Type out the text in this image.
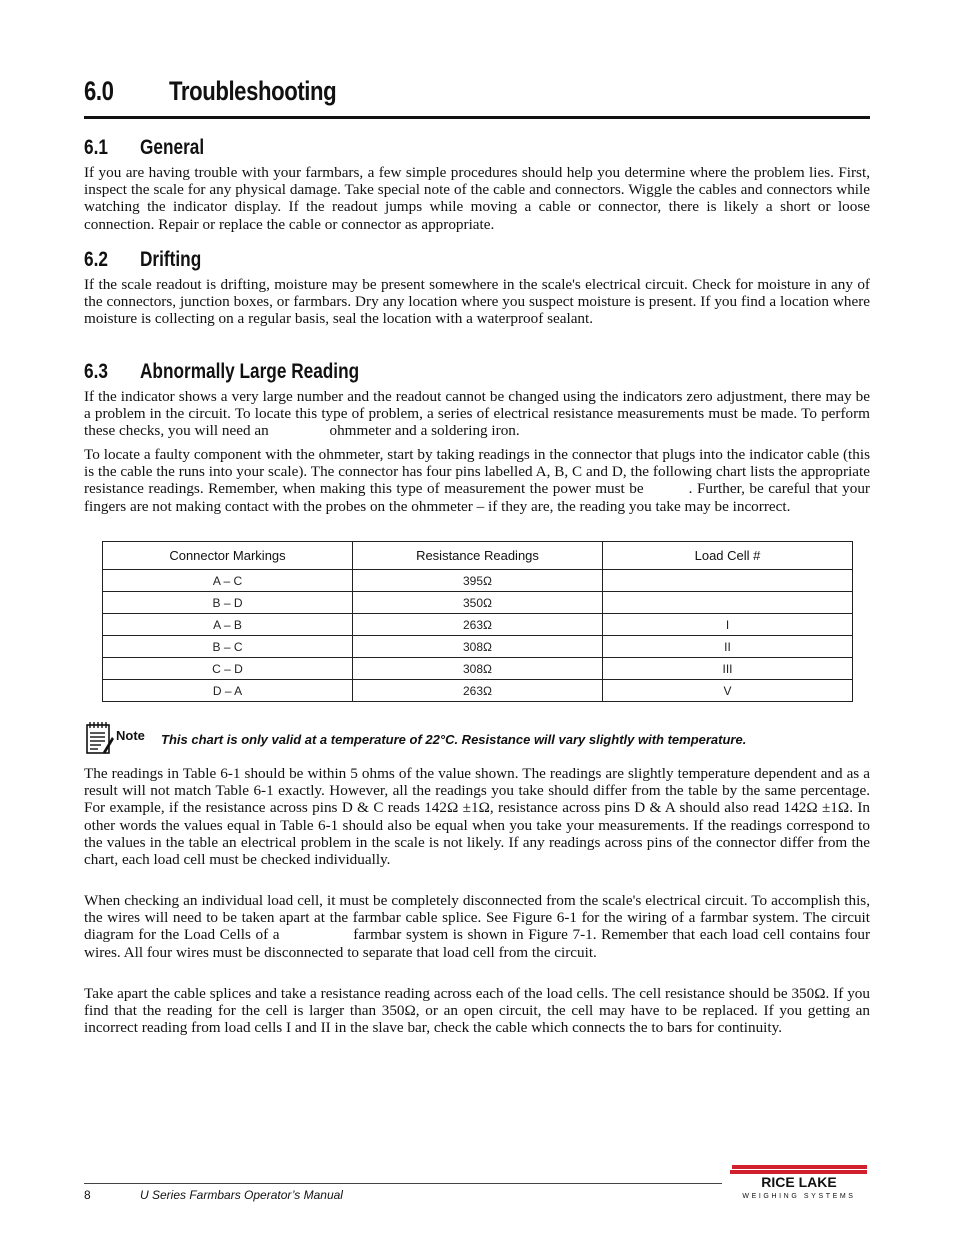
6.0 Troubleshooting
6.1 General

If you are having trouble with your farmbars, a few simple procedures should help you determine where the problem lies. First, inspect the scale for any physical damage. Take special note of the cable and connectors. Wiggle the cables and connectors while watching the indicator display. If the readout jumps while moving a cable or connector, there is likely a short or loose connection. Repair or replace the cable or connector as appropriate.

6.2 Drifting

If the scale readout is drifting, moisture may be present somewhere in the scale's electrical circuit. Check for moisture in any of the connectors, junction boxes, or farmbars. Dry any location where you suspect moisture is present. If you find a location where moisture is collecting on a regular basis, seal the location with a waterproof sealant.

6.3 Abnormally Large Reading

If the indicator shows a very large number and the readout cannot be changed using the indicators zero adjustment, there may be a problem in the circuit. To locate this type of problem, a series of electrical resistance measurements must be made. To perform these checks, you will need an                ohmmeter and a soldering iron.

To locate a faulty component with the ohmmeter, start by taking readings in the connector that plugs into the indicator cable (this is the cable the runs into your scale). The connector has four pins labelled A, B, C and D, the following chart lists the appropriate resistance readings. Remember, when making this type of measurement the power must be          . Further, be careful that your fingers are not making contact with the probes on the ohmmeter – if they are, the reading you take may be incorrect.

Connector Markings	Resistance Readings	Load Cell #
A – C	395Ω	
B – D	350Ω	
A – B	263Ω	I
B – C	308Ω	II
C – D	308Ω	III
D – A	263Ω	V
Note This chart is only valid at a temperature of 22°C. Resistance will vary slightly with temperature.

The readings in Table 6-1 should be within 5 ohms of the value shown. The readings are slightly temperature dependent and as a result will not match Table 6-1 exactly. However, all the readings you take should differ from the table by the same percentage. For example, if the resistance across pins D & C reads 142Ω ±1Ω, resistance across pins D & A should also read 142Ω ±1Ω. In other words the values equal in Table 6-1 should also be equal when you take your measurements. If the readings correspond to the values in the table an electrical problem in the scale is not likely. If any readings across pins of the connector differ from the chart, each load cell must be checked individually.

When checking an individual load cell, it must be completely disconnected from the scale's electrical circuit. To accomplish this, the wires will need to be taken apart at the farmbar cable splice. See Figure 6-1 for the wiring of a farmbar system. The circuit diagram for the Load Cells of a                farmbar system is shown in Figure 7-1. Remember that each load cell contains four wires. All four wires must be disconnected to separate that load cell from the circuit.

Take apart the cable splices and take a resistance reading across each of the load cells. The cell resistance should be 350Ω. If you find that the reading for the cell is larger than 350Ω, or an open circuit, the cell may have to be replaced. If you getting an incorrect reading from load cells I and II in the slave bar, check the cable which connects the to bars for continuity.

8	U Series Farmbars Operator’s Manual
RICE LAKE
WEIGHING SYSTEMS
